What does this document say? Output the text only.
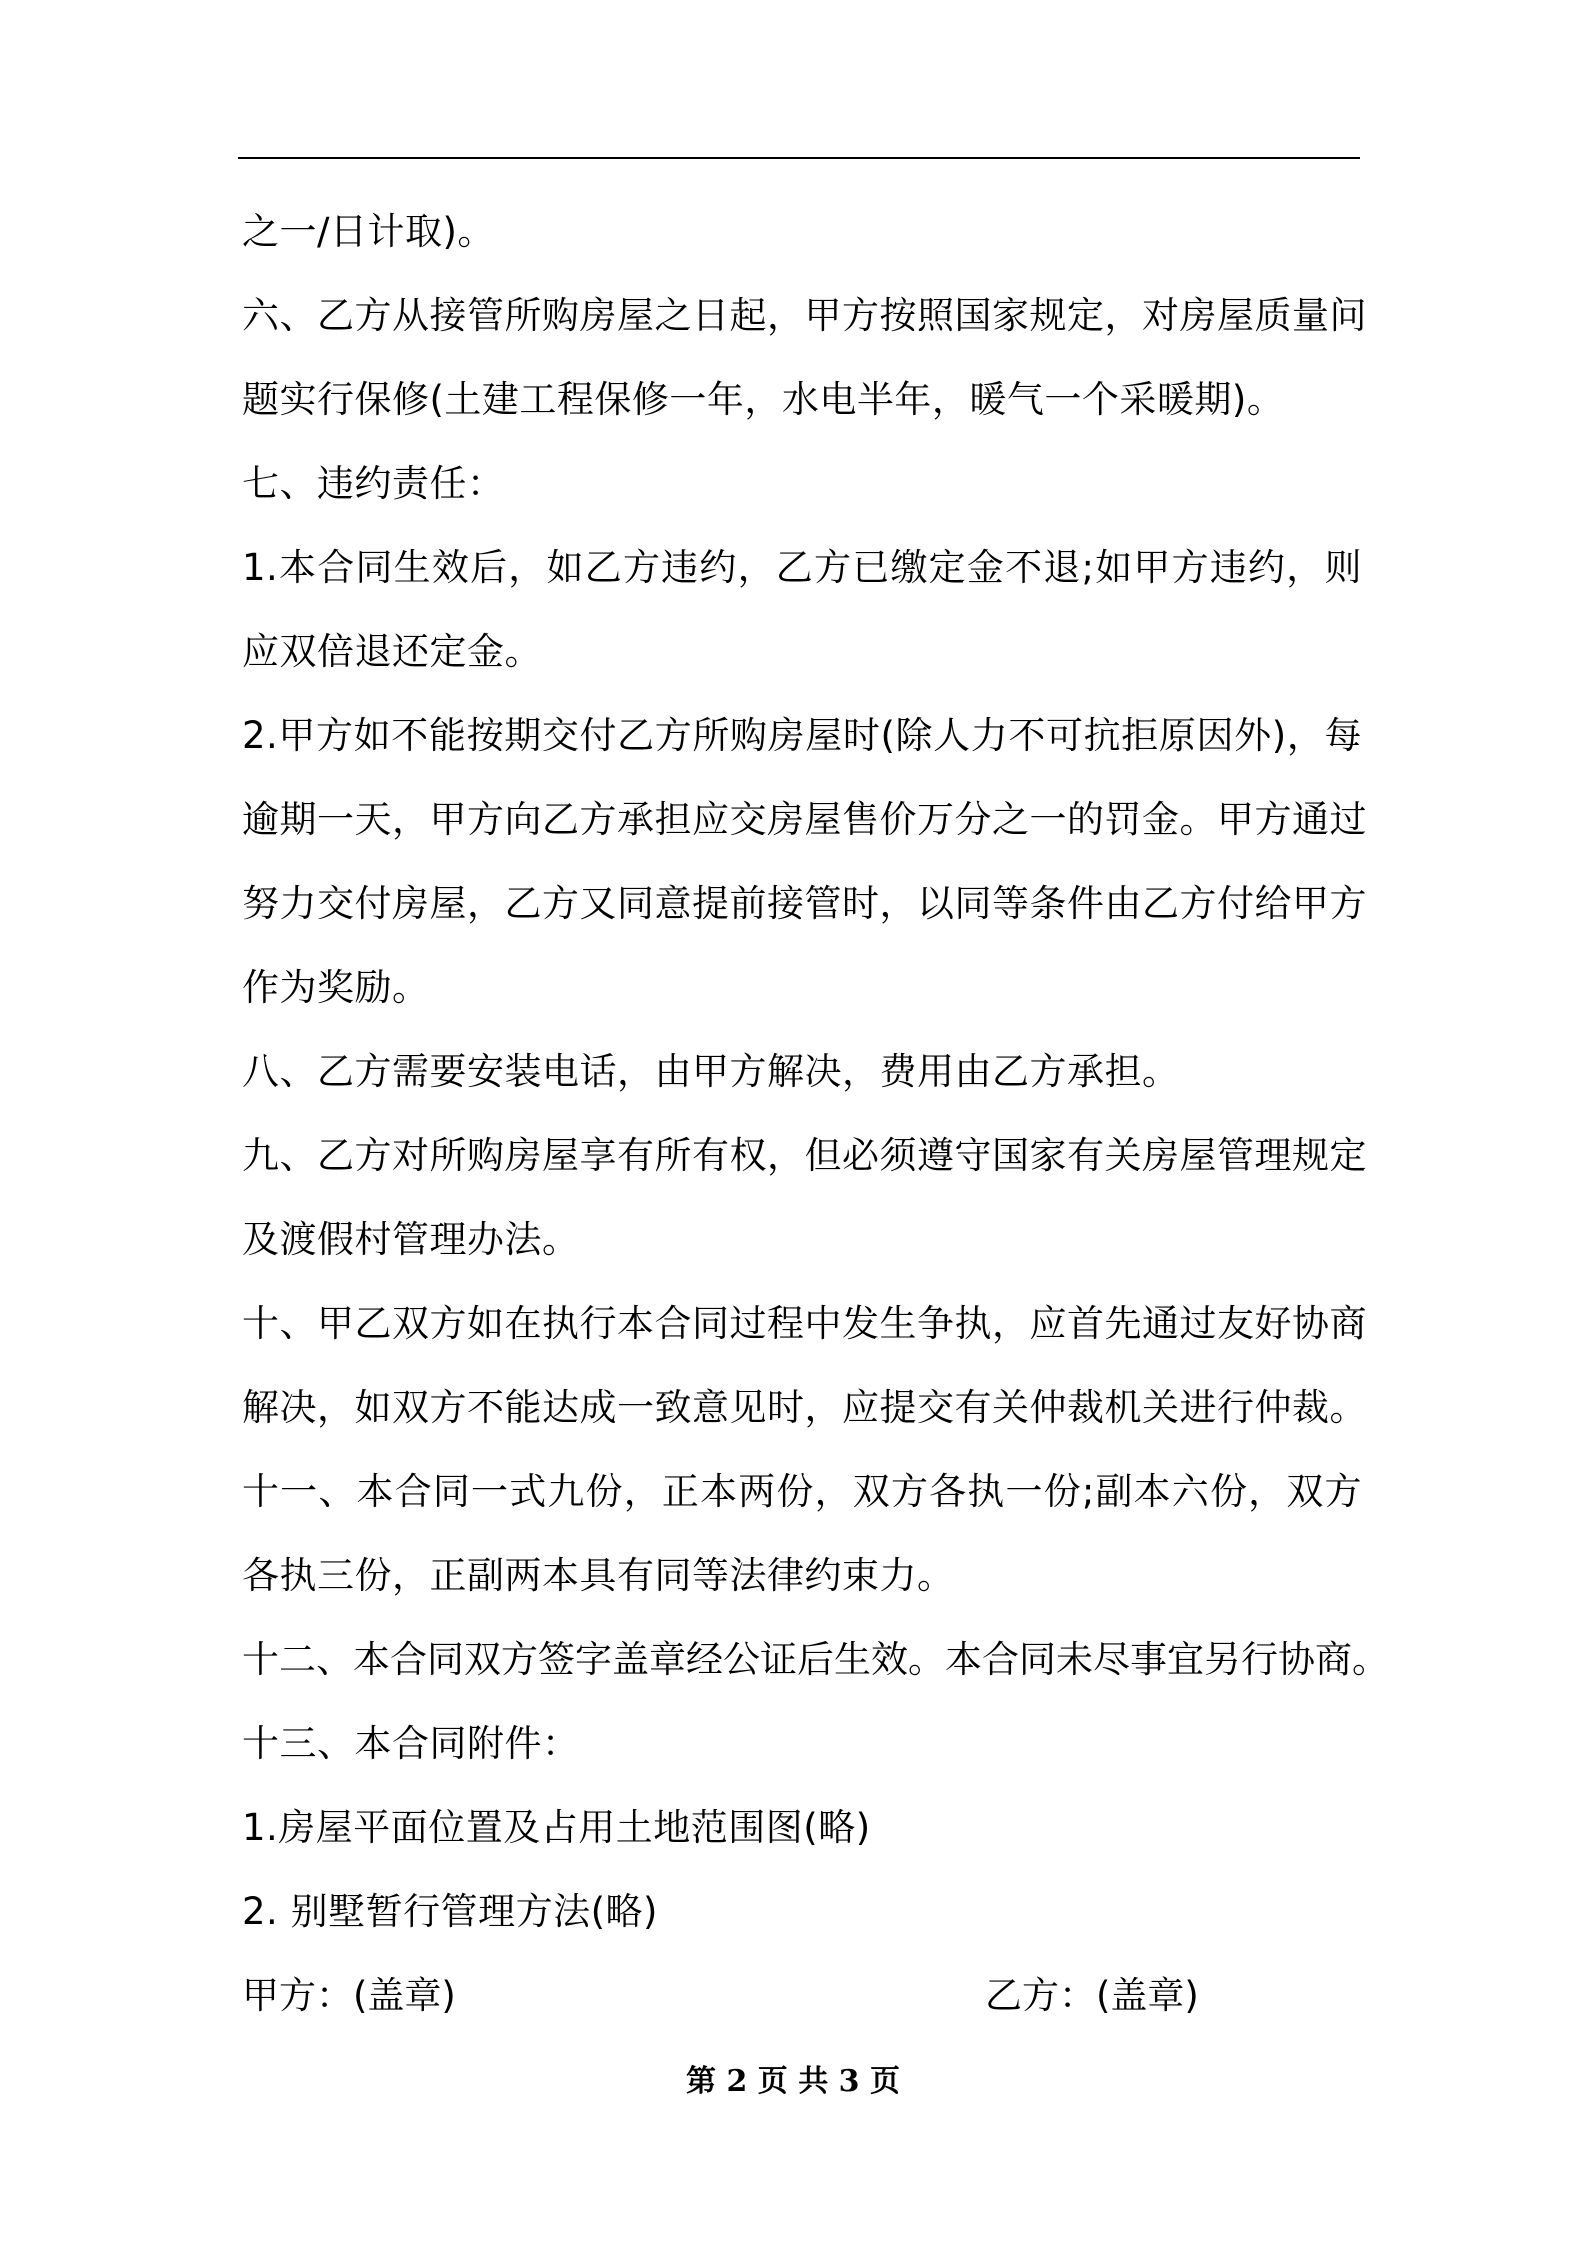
之一/日计取)。
六、乙方从接管所购房屋之日起，甲方按照国家规定，对房屋质量问
题实行保修(土建工程保修一年，水电半年，暖气一个采暖期)。
七、违约责任：
1.本合同生效后，如乙方违约，乙方已缴定金不退;如甲方违约，则
应双倍退还定金。
2.甲方如不能按期交付乙方所购房屋时(除人力不可抗拒原因外)，每
逾期一天，甲方向乙方承担应交房屋售价万分之一的罚金。甲方通过
努力交付房屋，乙方又同意提前接管时，以同等条件由乙方付给甲方
作为奖励。
八、乙方需要安装电话，由甲方解决，费用由乙方承担。
九、乙方对所购房屋享有所有权，但必须遵守国家有关房屋管理规定
及渡假村管理办法。
十、甲乙双方如在执行本合同过程中发生争执，应首先通过友好协商
解决，如双方不能达成一致意见时，应提交有关仲裁机关进行仲裁。
十一、本合同一式九份，正本两份，双方各执一份;副本六份，双方
各执三份，正副两本具有同等法律约束力。
十二、本合同双方签字盖章经公证后生效。本合同未尽事宜另行协商。
十三、本合同附件：
1.房屋平面位置及占用土地范围图(略)
2. 别墅暂行管理方法(略)
甲方：(盖章)	乙方：(盖章)
第 2 页 共 3 页
